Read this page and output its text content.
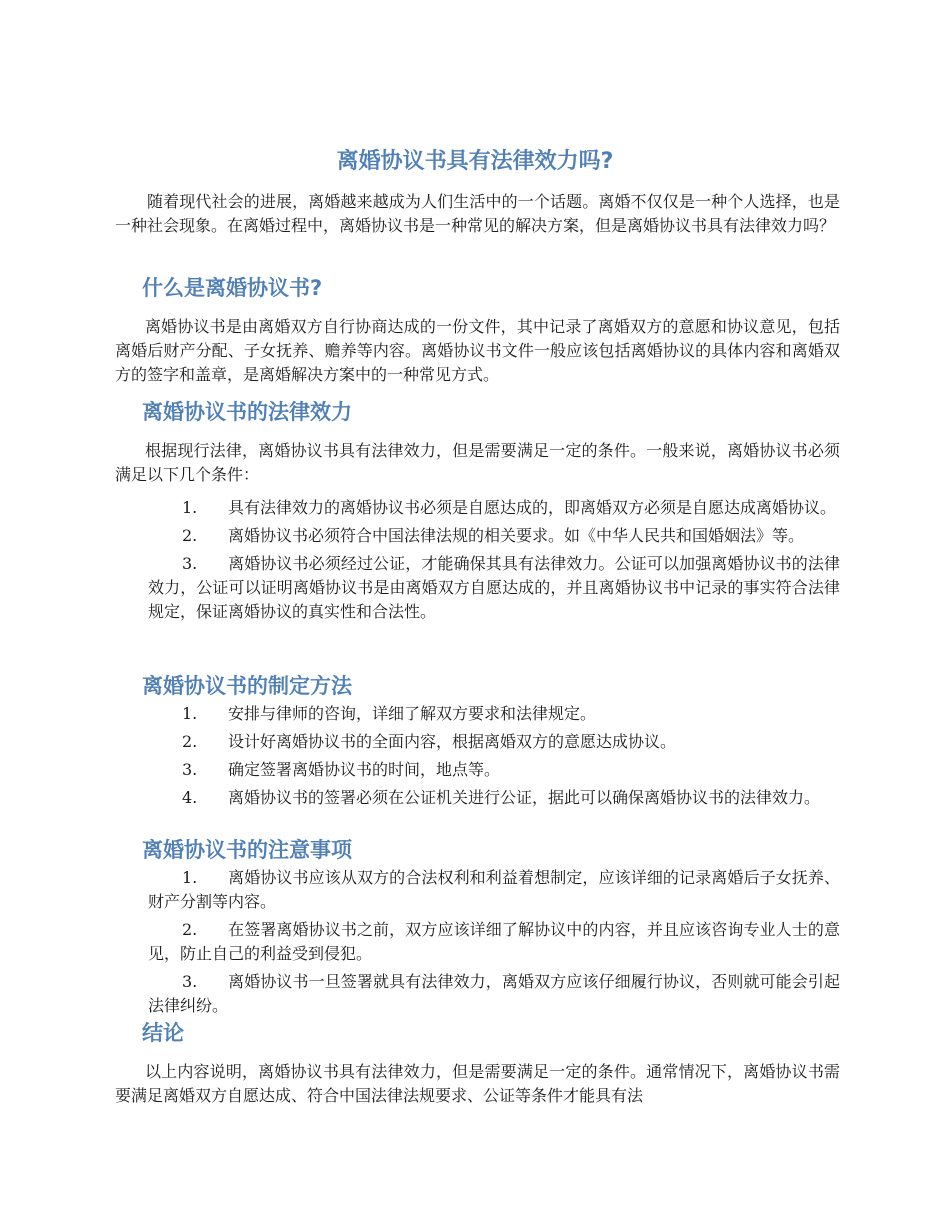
离婚协议书具有法律效力吗?

随着现代社会的进展，离婚越来越成为人们生活中的一个话题。离婚不仅仅是一种个人选择，也是一种社会现象。在离婚过程中，离婚协议书是一种常见的解决方案，但是离婚协议书具有法律效力吗？

什么是离婚协议书?

离婚协议书是由离婚双方自行协商达成的一份文件，其中记录了离婚双方的意愿和协议意见，包括离婚后财产分配、子女抚养、赡养等内容。离婚协议书文件一般应该包括离婚协议的具体内容和离婚双方的签字和盖章，是离婚解决方案中的一种常见方式。

离婚协议书的法律效力

根据现行法律，离婚协议书具有法律效力，但是需要满足一定的条件。一般来说，离婚协议书必须满足以下几个条件：

1. 具有法律效力的离婚协议书必须是自愿达成的，即离婚双方必须是自愿达成离婚协议。
2. 离婚协议书必须符合中国法律法规的相关要求。如《中华人民共和国婚姻法》等。
3. 离婚协议书必须经过公证，才能确保其具有法律效力。公证可以加强离婚协议书的法律效力，公证可以证明离婚协议书是由离婚双方自愿达成的，并且离婚协议书中记录的事实符合法律规定，保证离婚协议的真实性和合法性。
离婚协议书的制定方法
1. 安排与律师的咨询，详细了解双方要求和法律规定。
2. 设计好离婚协议书的全面内容，根据离婚双方的意愿达成协议。
3. 确定签署离婚协议书的时间，地点等。
4. 离婚协议书的签署必须在公证机关进行公证，据此可以确保离婚协议书的法律效力。
离婚协议书的注意事项
1. 离婚协议书应该从双方的合法权利和利益着想制定，应该详细的记录离婚后子女抚养、财产分割等内容。
2. 在签署离婚协议书之前，双方应该详细了解协议中的内容，并且应该咨询专业人士的意见，防止自己的利益受到侵犯。
3. 离婚协议书一旦签署就具有法律效力，离婚双方应该仔细履行协议，否则就可能会引起法律纠纷。
结论

以上内容说明，离婚协议书具有法律效力，但是需要满足一定的条件。通常情况下，离婚协议书需要满足离婚双方自愿达成、符合中国法律法规要求、公证等条件才能具有法
